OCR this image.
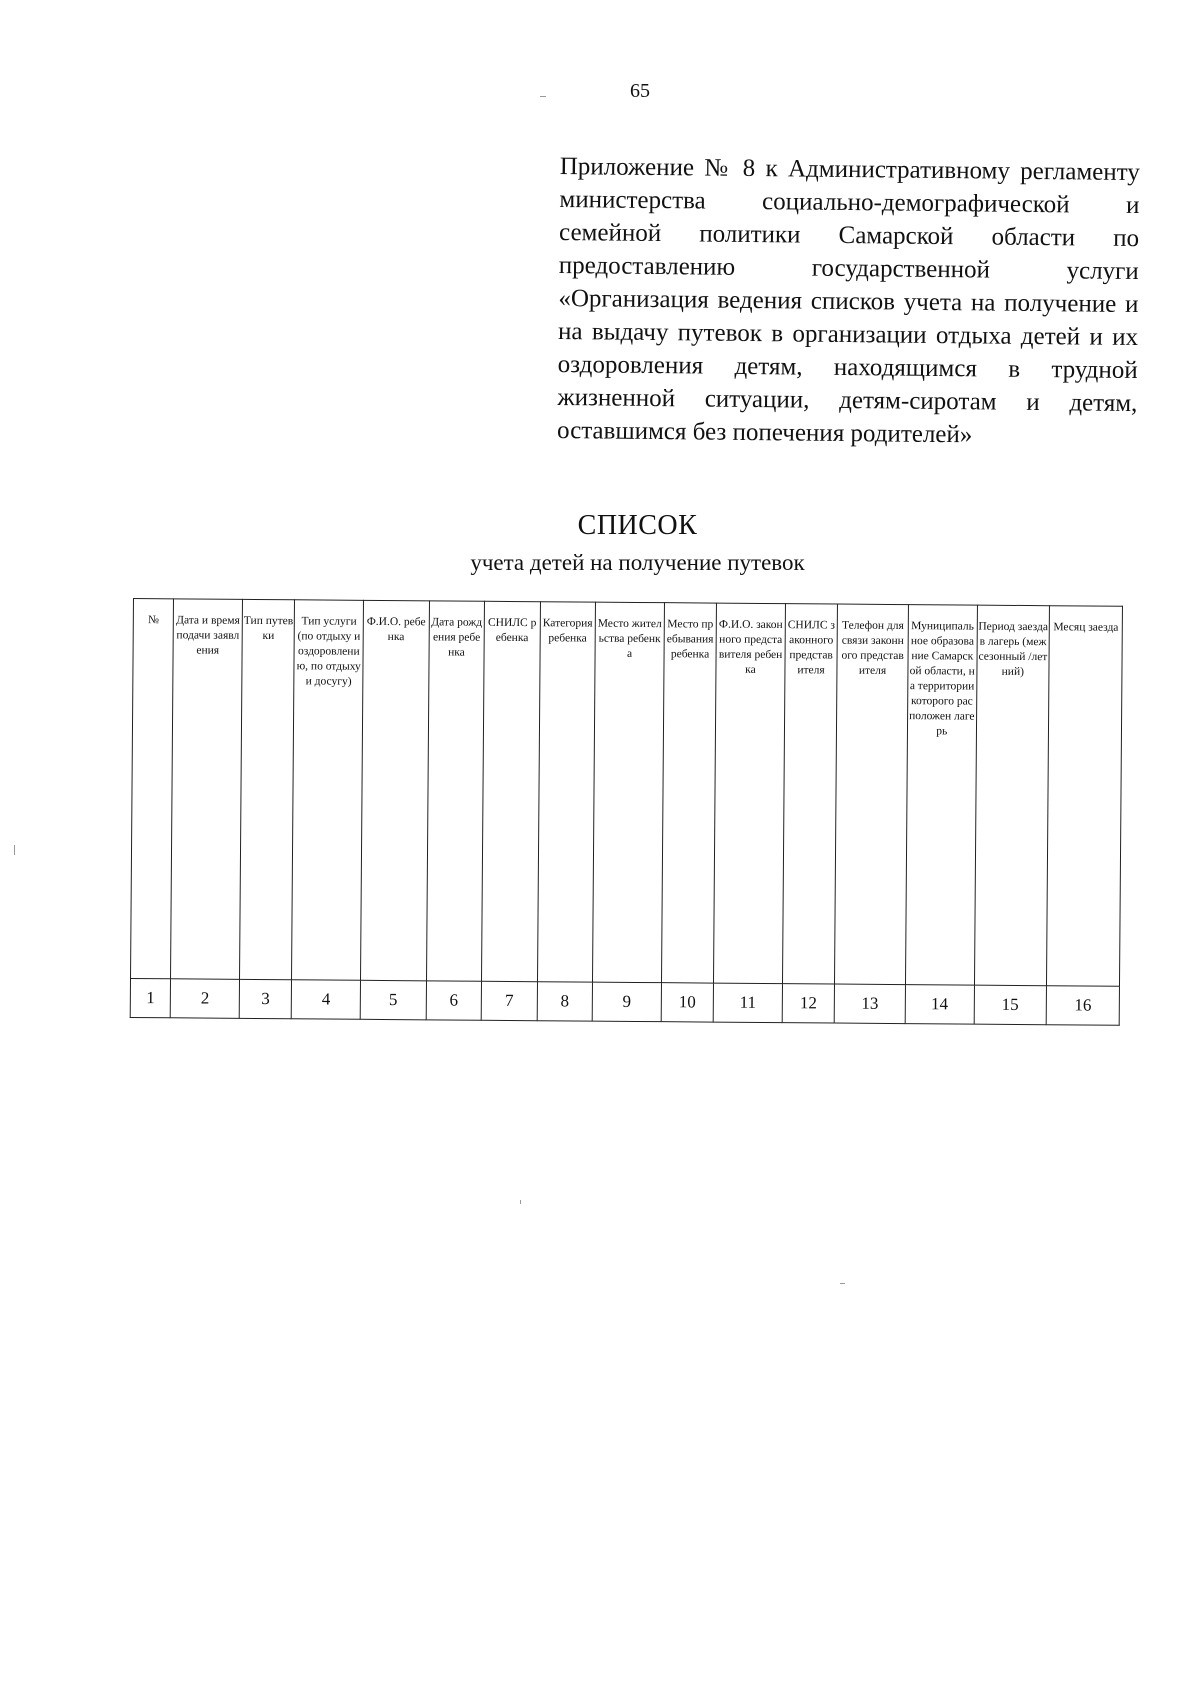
65
Приложение № 8 к Административному регламенту министерства социально-демографической и семейной политики Самарской области по предоставлению государственной услуги «Организация ведения списков учета на получение и на выдачу путевок в организации отдыха детей и их оздоровления детям, находящимся в трудной жизненной ситуации, детям-сиротам и детям, оставшимся без попечения родителей»
СПИСОК
учета детей на получение путевок
№	Дата и время подачи заявления	Тип путевки	Тип услуги (по отдыху и оздоровлению, по отдыху и досугу)	Ф.И.О. ребенка	Дата рождения ребенка	СНИЛС ребенка	Категория ребенка	Место жительства ребенка	Место пребывания ребенка	Ф.И.О. законного представителя ребенка	СНИЛС законного представителя	Телефон для связи законного представителя	Муниципальное образование Самарской области, на территории которого расположен лагерь	Период заезда в лагерь (межсезонный /летний)	Месяц заезда

1	2	3	4	5	6	7	8	9	10	11	12	13	14	15	16
